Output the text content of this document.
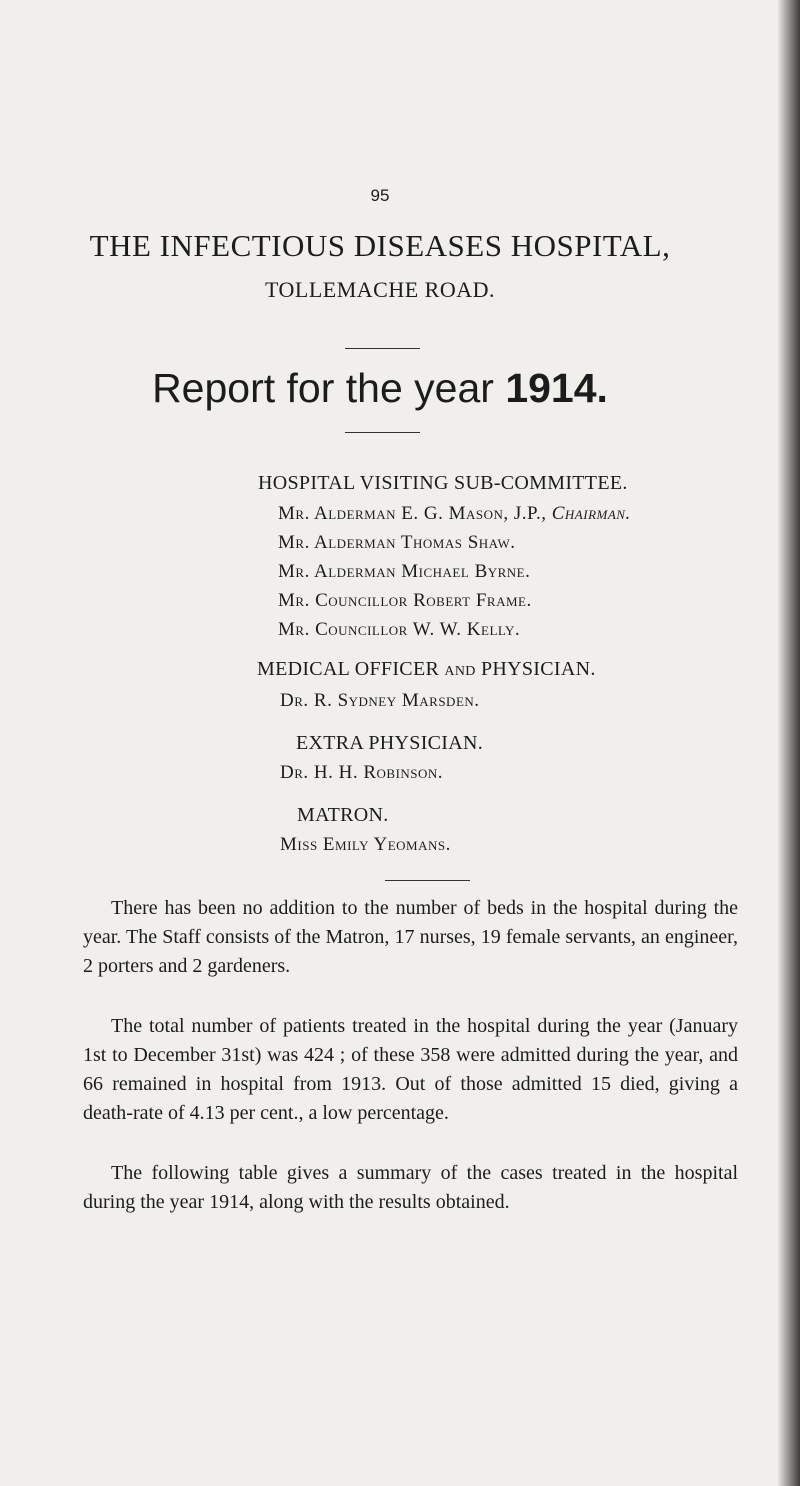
95
THE INFECTIOUS DISEASES HOSPITAL,
TOLLEMACHE ROAD.
Report for the year 1914.
HOSPITAL VISITING SUB-COMMITTEE.
Mr. Alderman E. G. Mason, J.P., Chairman.
Mr. Alderman Thomas Shaw.
Mr. Alderman Michael Byrne.
Mr. Councillor Robert Frame.
Mr. Councillor W. W. Kelly.
MEDICAL OFFICER and PHYSICIAN.
Dr. R. Sydney Marsden.
EXTRA PHYSICIAN.
Dr. H. H. Robinson.
MATRON.
Miss Emily Yeomans.

There has been no addition to the number of beds in the hospital during the year. The Staff consists of the Matron, 17 nurses, 19 female servants, an engineer, 2 porters and 2 gardeners.

The total number of patients treated in the hospital during the year (January 1st to December 31st) was 424 ; of these 358 were admitted during the year, and 66 remained in hospital from 1913. Out of those admitted 15 died, giving a death-rate of 4.13 per cent., a low percentage.

The following table gives a summary of the cases treated in the hospital during the year 1914, along with the results obtained.
